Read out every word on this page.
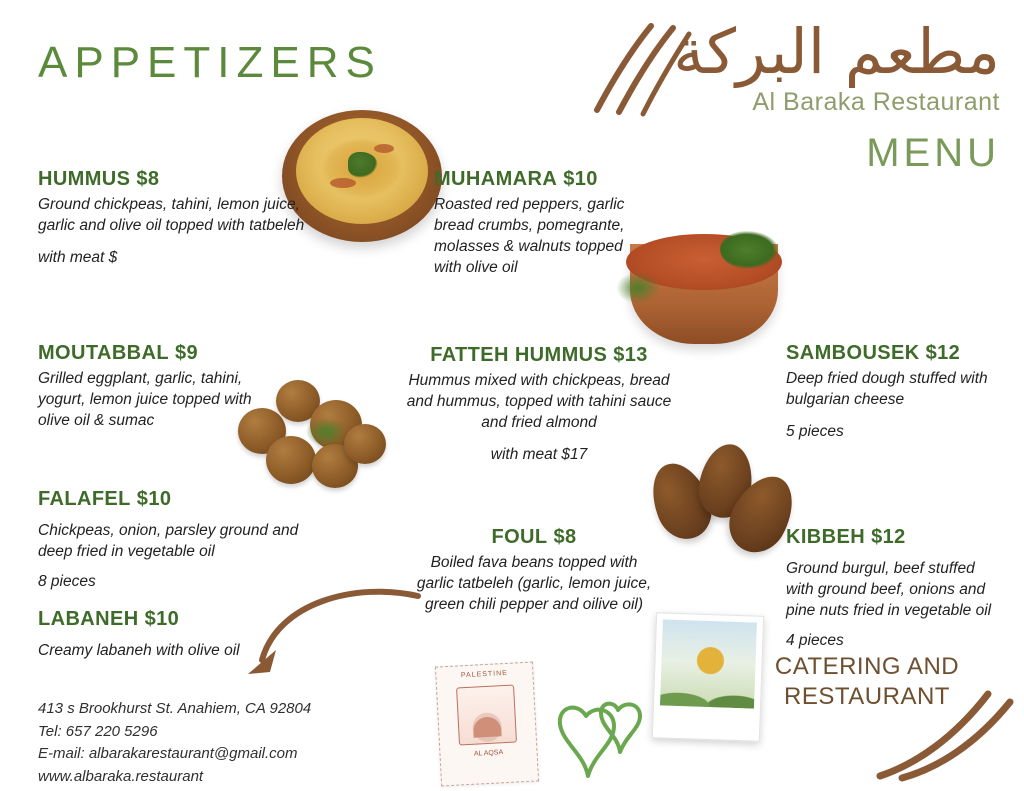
APPETIZERS	مطعم البركة
Al Baraka Restaurant
MENU
HUMMUS $8
Ground chickpeas, tahini, lemon juice, garlic and olive oil topped with tatbeleh
with meat $
MOUTABBAL $9
Grilled eggplant, garlic, tahini, yogurt, lemon juice topped with olive oil & sumac
FALAFEL $10
Chickpeas, onion, parsley ground and deep fried in vegetable oil
8 pieces
LABANEH $10
Creamy labaneh with olive oil
MUHAMARA $10
Roasted red peppers, garlic bread crumbs, pomegrante, molasses & walnuts topped with olive oil
FATTEH HUMMUS $13
Hummus mixed with chickpeas, bread and hummus, topped with tahini sauce and fried almond
with meat $17
FOUL $8
Boiled fava beans topped with garlic tatbeleh (garlic, lemon juice, green chili pepper and oilive oil)
SAMBOUSEK $12
Deep fried dough stuffed with bulgarian cheese
5 pieces
KIBBEH $12
Ground burgul, beef stuffed with ground beef, onions and pine nuts fried in vegetable oil
4 pieces
PALESTINE
AL AQSA
CATERING AND
RESTAURANT
413 s Brookhurst St. Anahiem, CA 92804
Tel: 657 220 5296
E-mail: albarakarestaurant@gmail.com
www.albaraka.restaurant
